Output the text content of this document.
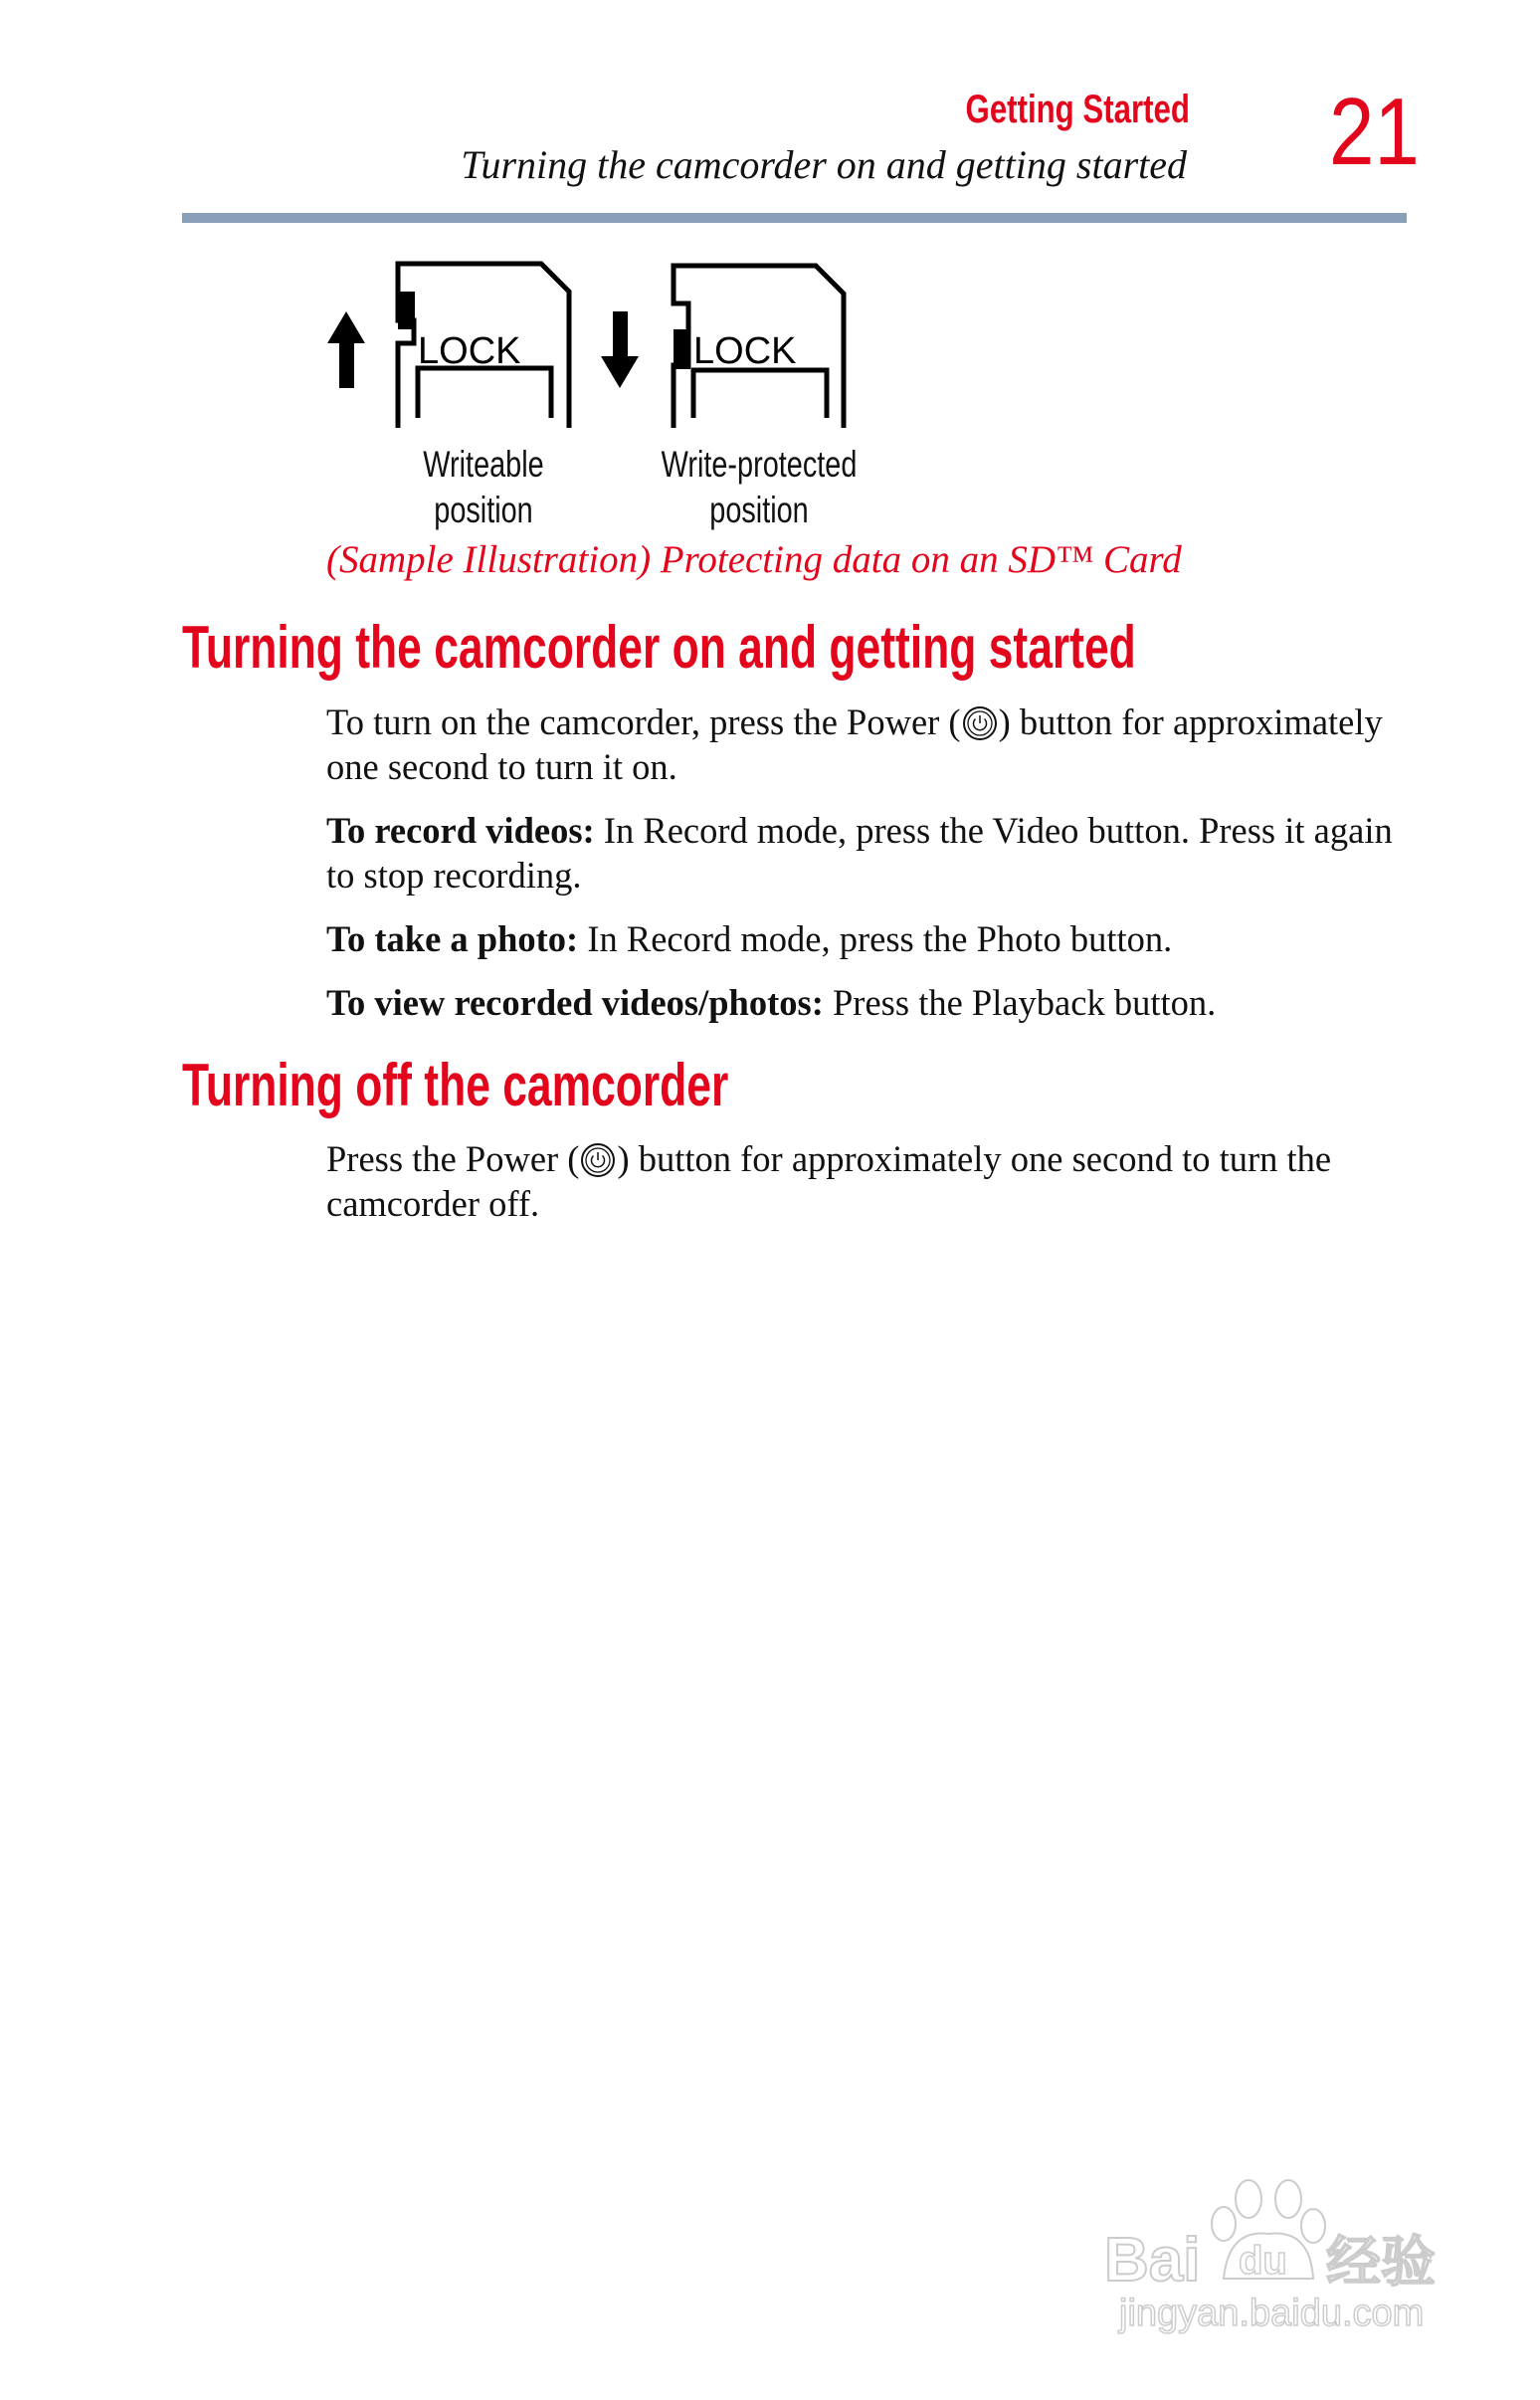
Getting Started
Turning the camcorder on and getting started 21
LOCK	LOCK
Writeable
position
Write-protected
position
(Sample Illustration) Protecting data on an SD™ Card
Turning the camcorder on and getting started

To turn on the camcorder, press the Power ( ) button for approximately one second to turn it on.

To record videos: In Record mode, press the Video button. Press it again to stop recording.

To take a photo: In Record mode, press the Photo button.

To view recorded videos/photos: Press the Playback button.

Turning off the camcorder

Press the Power ( ) button for approximately one second to turn the camcorder off.

Bai du 经验
jingyan.baidu.com
